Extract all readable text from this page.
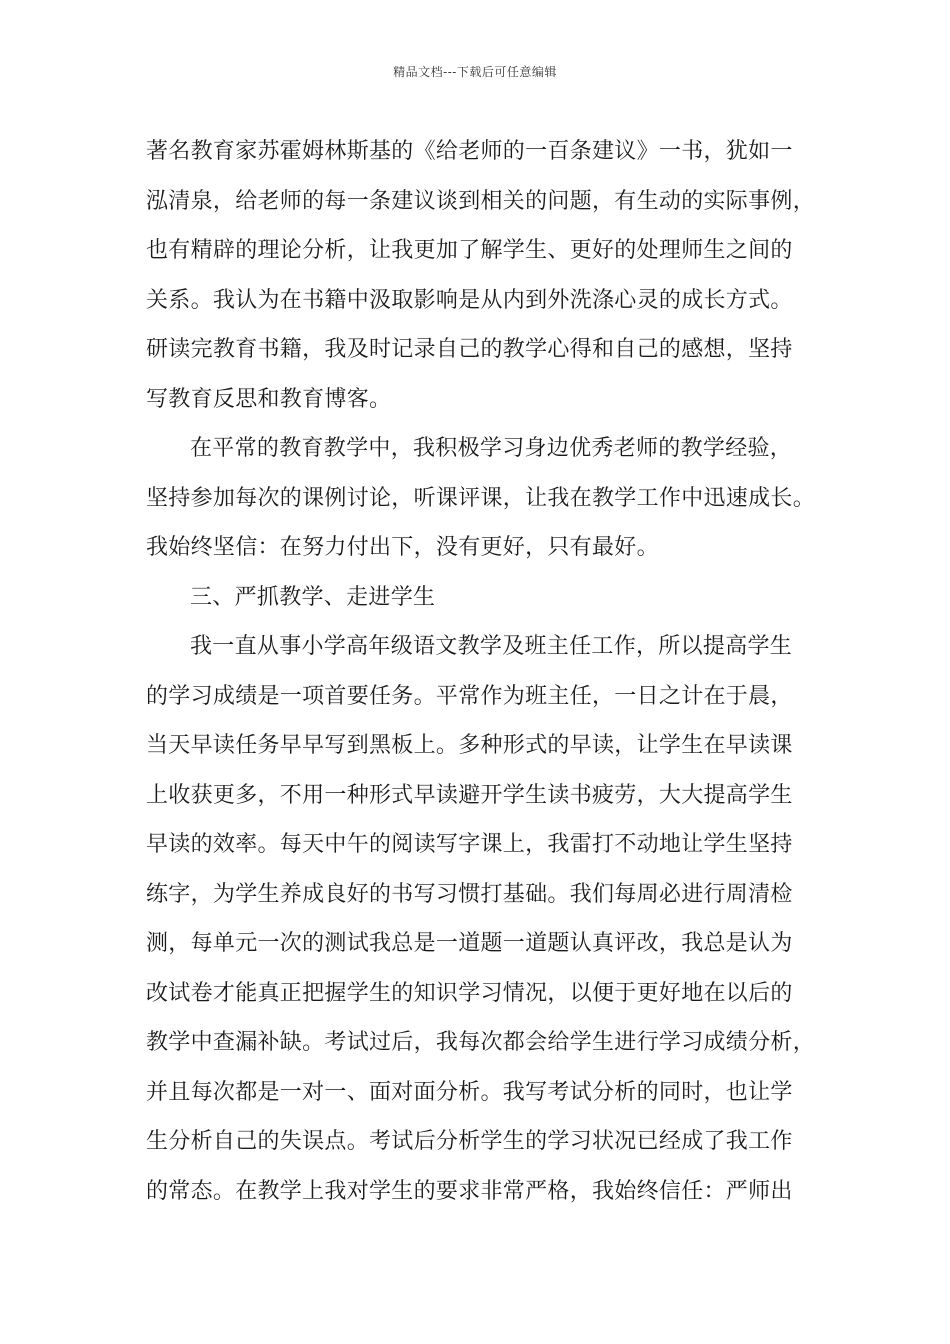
精品文档---下载后可任意编辑
著名教育家苏霍姆林斯基的《给老师的一百条建议》一书，犹如一
泓清泉，给老师的每一条建议谈到相关的问题，有生动的实际事例，
也有精辟的理论分析，让我更加了解学生、更好的处理师生之间的
关系。我认为在书籍中汲取影响是从内到外洗涤心灵的成长方式。
研读完教育书籍，我及时记录自己的教学心得和自己的感想，坚持
写教育反思和教育博客。
在平常的教育教学中，我积极学习身边优秀老师的教学经验，
坚持参加每次的课例讨论，听课评课，让我在教学工作中迅速成长。
我始终坚信：在努力付出下，没有更好，只有最好。
三、严抓教学、走进学生
我一直从事小学高年级语文教学及班主任工作，所以提高学生
的学习成绩是一项首要任务。平常作为班主任，一日之计在于晨，
当天早读任务早早写到黑板上。多种形式的早读，让学生在早读课
上收获更多，不用一种形式早读避开学生读书疲劳，大大提高学生
早读的效率。每天中午的阅读写字课上，我雷打不动地让学生坚持
练字，为学生养成良好的书写习惯打基础。我们每周必进行周清检
测，每单元一次的测试我总是一道题一道题认真评改，我总是认为
改试卷才能真正把握学生的知识学习情况，以便于更好地在以后的
教学中查漏补缺。考试过后，我每次都会给学生进行学习成绩分析，
并且每次都是一对一、面对面分析。我写考试分析的同时，也让学
生分析自己的失误点。考试后分析学生的学习状况已经成了我工作
的常态。在教学上我对学生的要求非常严格，我始终信任：严师出
